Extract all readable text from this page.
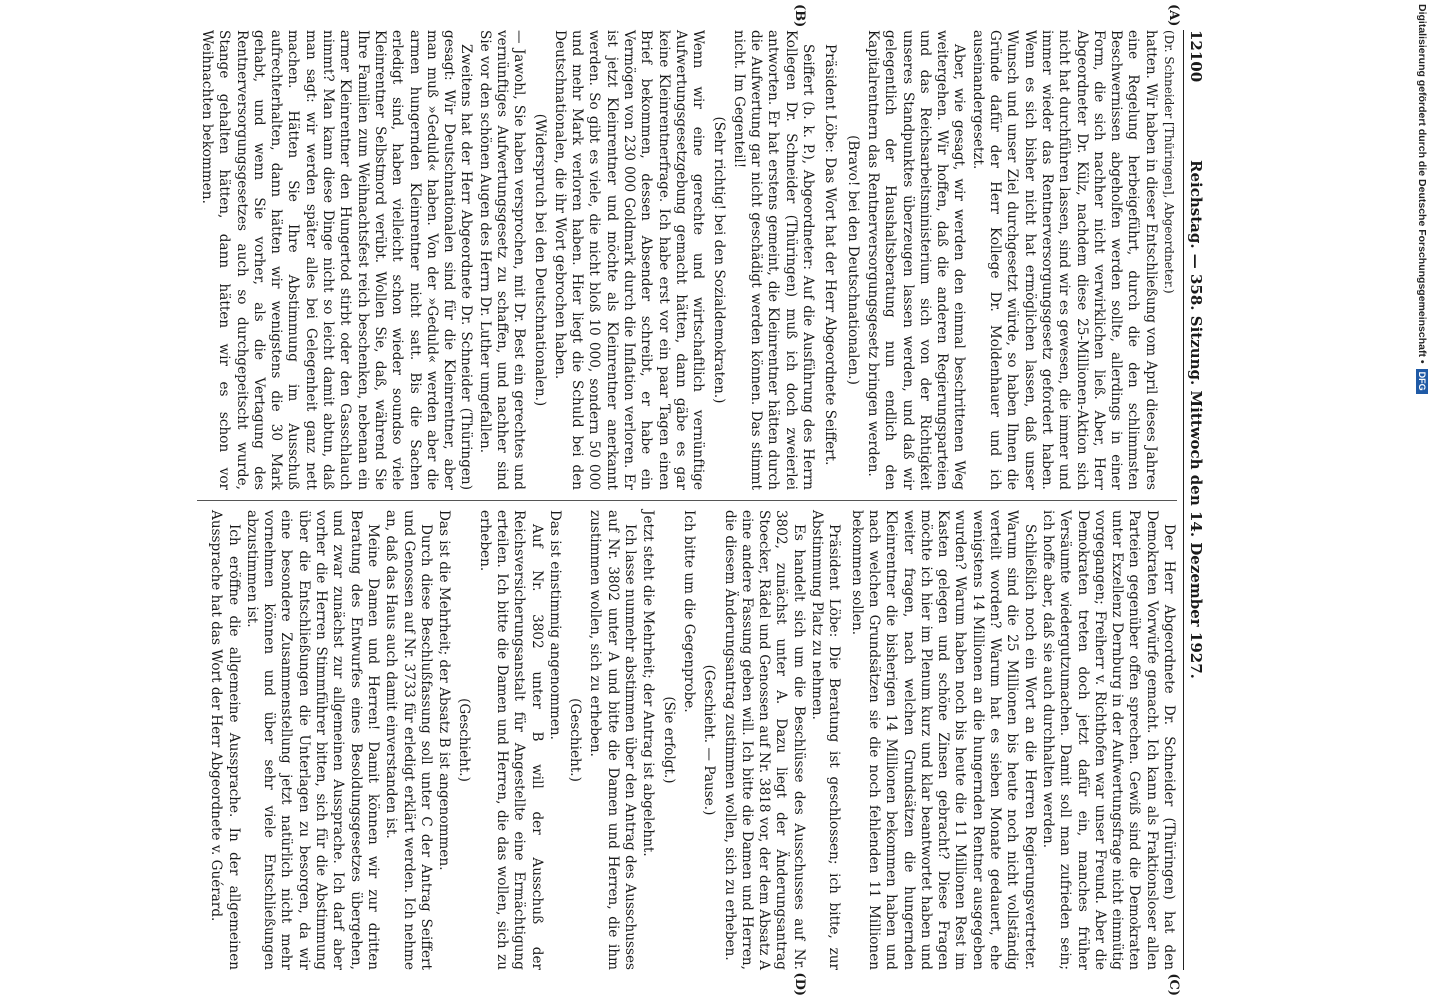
12100
Reichstag. — 358. Sitzung. Mittwoch den 14. Dezember 1927.
(A)
(B)
(C)
(D)
(Dr. Schneider [Thüringen], Abgeordneter.)

hatten. Wir haben in dieser Entschließung vom April dieses Jahres eine Regelung herbeigeführt, durch die den schlimmsten Beschwernissen abgeholfen werden sollte, allerdings in einer Form, die sich nachher nicht verwirklichen ließ. Aber, Herr Abgeordneter Dr. Külz, nachdem diese 25-Millionen-Aktion sich nicht hat durchführen lassen, sind wir es gewesen, die immer und immer wieder das Rentnerversorgungsgesetz gefordert haben. Wenn es sich bisher nicht hat ermöglichen lassen, daß unser Wunsch und unser Ziel durchgesetzt würde, so haben Ihnen die Gründe dafür der Herr Kollege Dr. Moldenhauer und ich auseinandergesetzt.

Aber, wie gesagt, wir werden den einmal beschrittenen Weg weitergehen. Wir hoffen, daß die anderen Regierungsparteien und das Reichsarbeitsministerium sich von der Richtigkeit unseres Standpunktes überzeugen lassen werden, und daß wir gelegentlich der Haushaltsberatung nun endlich den Kapitalrentnern das Rentnerversorgungsgesetz bringen werden.

(Bravo! bei den Deutschnationalen.)

Präsident Löbe: Das Wort hat der Herr Abgeordnete Seiffert.

Seiffert (b. k. P.), Abgeordneter: Auf die Ausführung des Herrn Kollegen Dr. Schneider (Thüringen) muß ich doch zweierlei antworten. Er hat erstens gemeint, die Kleinrentner hätten durch die Aufwertung gar nicht geschädigt werden können. Das stimmt nicht. Im Gegenteil!

(Sehr richtig! bei den Sozialdemokraten.)

Wenn wir eine gerechte und wirtschaftlich vernünftige Aufwertungsgesetzgebung gemacht hätten, dann gäbe es gar keine Kleinrentnerfrage. Ich habe erst vor ein paar Tagen einen Brief bekommen, dessen Absender schreibt, er habe ein Vermögen von 230 000 Goldmark durch die Inflation verloren. Er ist jetzt Kleinrentner und möchte als Kleinrentner anerkannt werden. So gibt es viele, die nicht bloß 10 000, sondern 50 000 und mehr Mark verloren haben. Hier liegt die Schuld bei den Deutschnationalen, die ihr Wort gebrochen haben.

(Widerspruch bei den Deutschnationalen.)

— Jawohl, Sie haben versprochen, mit Dr. Best ein gerechtes und vernünftiges Aufwertungsgesetz zu schaffen, und nachher sind Sie vor den schönen Augen des Herrn Dr. Luther umgefallen.

Zweitens hat der Herr Abgeordnete Dr. Schneider (Thüringen) gesagt: Wir Deutschnationalen sind für die Kleinrentner, aber man muß »Geduld« haben. Von der »Geduld« werden aber die armen hungernden Kleinrentner nicht satt. Bis die Sachen erledigt sind, haben vielleicht schon wieder soundso viele Kleinrentner Selbstmord verübt. Wollen Sie, daß, während Sie Ihre Familien zum Weihnachtsfest reich beschenken, nebenan ein armer Kleinrentner den Hungertod stirbt oder den Gasschlauch nimmt? Man kann diese Dinge nicht so leicht damit abtun, daß man sagt: wir werden später alles bei Gelegenheit ganz nett machen. Hätten Sie Ihre Abstimmung im Ausschuß aufrechterhalten, dann hätten wir wenigstens die 30 Mark gehabt, und wenn Sie vorher, als die Vertagung des Rentnerversorgungsgesetzes auch so durchgepeitscht wurde, Stange gehalten hätten, dann hätten wir es schon vor Weihnachten bekommen.

Der Herr Abgeordnete Dr. Schneider (Thüringen) hat den Demokraten Vorwürfe gemacht. Ich kann als Fraktionsloser allen Parteien gegenüber offen sprechen. Gewiß sind die Demokraten unter Exzellenz Dernburg in der Aufwertungsfrage nicht einmütig vorgegangen; Freiherr v. Richthofen war unser Freund. Aber die Demokraten treten doch jetzt dafür ein, manches früher Versäumte wiedergutzumachen. Damit soll man zufrieden sein; ich hoffe aber, daß sie auch durchhalten werden.

Schließlich noch ein Wort an die Herren Regierungsvertreter. Warum sind die 25 Millionen bis heute noch nicht vollständig verteilt worden? Warum hat es sieben Monate gedauert, ehe wenigstens 14 Millionen an die hungernden Rentner ausgegeben wurden? Warum haben noch bis heute die 11 Millionen Rest im Kasten gelegen und schöne Zinsen gebracht? Diese Fragen möchte ich hier im Plenum kurz und klar beantwortet haben und weiter fragen, nach welchen Grundsätzen die hungernden Kleinrentner die bisherigen 14 Millionen bekommen haben und nach welchen Grundsätzen sie die noch fehlenden 11 Millionen bekommen sollen.

Präsident Löbe: Die Beratung ist geschlossen; ich bitte, zur Abstimmung Platz zu nehmen.

Es handelt sich um die Beschlüsse des Ausschusses auf Nr. 3802, zunächst unter A. Dazu liegt der Änderungsantrag Stoecker, Rädel und Genossen auf Nr. 3818 vor, der dem Absatz A eine andere Fassung geben will. Ich bitte die Damen und Herren, die diesem Änderungsantrag zustimmen wollen, sich zu erheben.

(Geschieht. — Pause.)

Ich bitte um die Gegenprobe.

(Sie erfolgt.)

Jetzt steht die Mehrheit; der Antrag ist abgelehnt.

Ich lasse nunmehr abstimmen über den Antrag des Ausschusses auf Nr. 3802 unter A und bitte die Damen und Herren, die ihm zustimmen wollen, sich zu erheben.

(Geschieht.)

Das ist einstimmig angenommen.

Auf Nr. 3802 unter B will der Ausschuß der Reichsversicherungsanstalt für Angestellte eine Ermächtigung erteilen. Ich bitte die Damen und Herren, die das wollen, sich zu erheben.

(Geschieht.)

Das ist die Mehrheit; der Absatz B ist angenommen.

Durch diese Beschlußfassung soll unter C der Antrag Seiffert und Genossen auf Nr. 3733 für erledigt erklärt werden. Ich nehme an, daß das Haus auch damit einverstanden ist.

Meine Damen und Herren! Damit können wir zur dritten Beratung des Entwurfes eines Besoldungsgesetzes übergehen, und zwar zunächst zur allgemeinen Aussprache. Ich darf aber vorher die Herren Stimmführer bitten, sich für die Abstimmung über die Entschließungen die Unterlagen zu besorgen, da wir eine besondere Zusammenstellung jetzt natürlich nicht mehr vornehmen können und über sehr viele Entschließungen abzustimmen ist.

Ich eröffne die allgemeine Aussprache. In der allgemeinen Aussprache hat das Wort der Herr Abgeordnete v. Guérard.

Digitalisierung gefördert durch die Deutsche Forschungsgemeinschaft •
DFG
